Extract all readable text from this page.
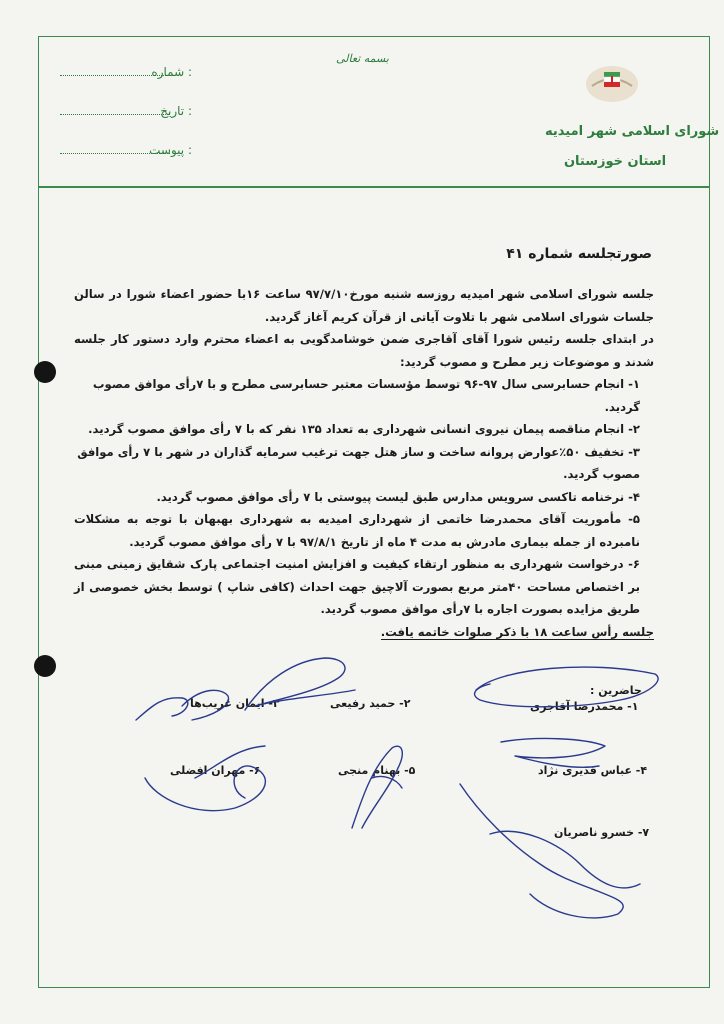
شماره :
تاریخ :
پیوست :
بسمه تعالی
شورای اسلامی شهر امیدیه
استان خوزستان
صورتجلسه شماره ۴۱

جلسه شورای اسلامی شهر امیدیه روزسه شنبه مورخ۹۷/۷/۱۰ ساعت ۱۶با حضور اعضاء شورا در سالن جلسات شورای اسلامی شهر با تلاوت آیاتی از قرآن کریم آغاز گردید.

در ابتدای جلسه رئیس شورا آقای آقاجری ضمن خوشامدگویی به اعضاء محترم وارد دستور کار جلسه شدند و موضوعات زیر مطرح و مصوب گردید:

۱- انجام حسابرسی سال ۹۷-۹۶ توسط مؤسسات معتبر حسابرسی مطرح و با ۷رأی موافق مصوب گردید.

۲- انجام مناقصه پیمان نیروی انسانی شهرداری به تعداد ۱۳۵ نفر که با ۷ رأی موافق مصوب گردید.

۳- تخفیف ۵۰٪عوارض پروانه ساخت و ساز هتل جهت ترغیب سرمایه گذاران در شهر با ۷ رأی موافق مصوب گردید.

۴- نرخنامه تاکسی سرویس مدارس طبق لیست پیوستی با ۷ رأی موافق مصوب گردید.

۵- مأموریت آقای محمدرضا خاتمی از شهرداری امیدیه به شهرداری بهبهان با توجه به مشکلات نامبرده از جمله بیماری مادرش به مدت ۴ ماه از تاریخ ۹۷/۸/۱ با ۷ رأی موافق مصوب گردید.

۶- درخواست شهرداری به منظور ارتقاء کیفیت و افزایش امنیت اجتماعی پارک شقایق زمینی مبنی بر اختصاص مساحت ۴۰متر مربع بصورت آلاچیق جهت احداث (کافی شاپ ) توسط بخش خصوصی از طریق مزایده بصورت اجاره با ۷رأی موافق مصوب گردید.

جلسه رأس ساعت ۱۸ با ذکر صلوات خاتمه یافت.

حاضرین :
۱- محمدرضا آقاجری
۲- حمید رفیعی
۳- ایمان غریب‌ها
۴- عباس قدیری نژاد
۵- بهنام منجی
۶- مهران افضلی
۷- خسرو ناصریان
